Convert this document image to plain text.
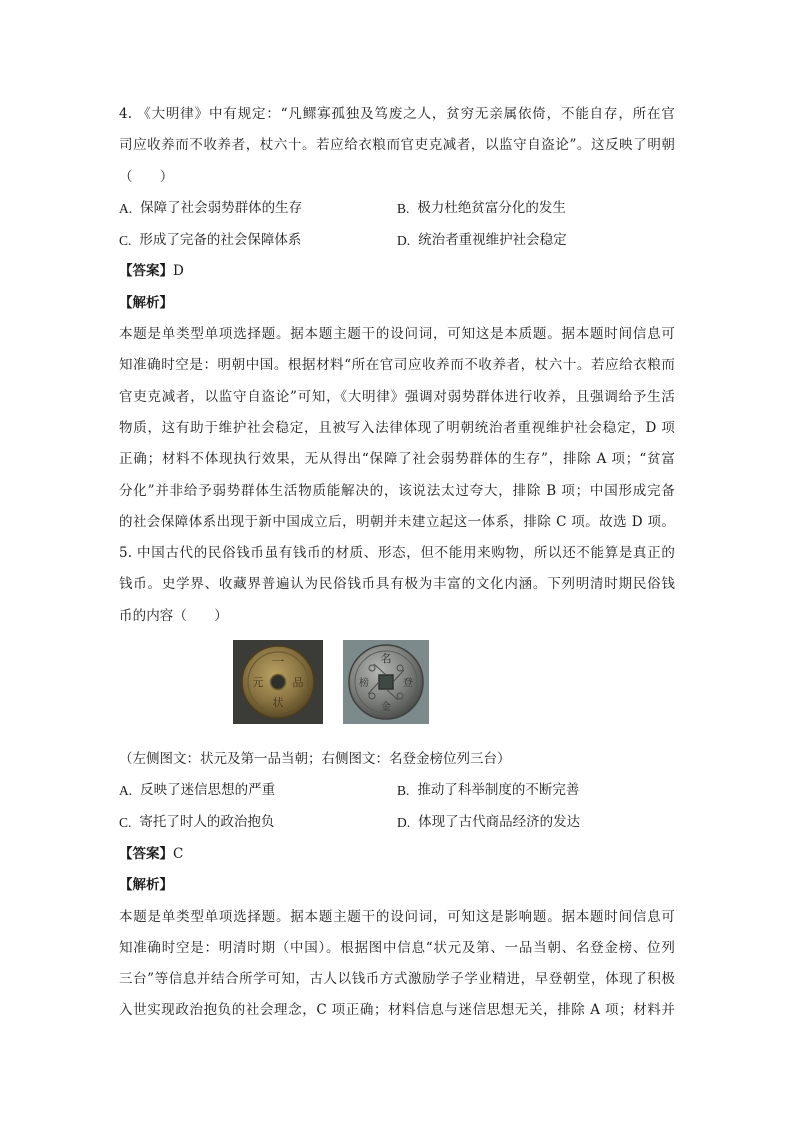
4. 《大明律》中有规定：“凡鳏寡孤独及笃废之人，贫穷无亲属依倚，不能自存，所在官
司应收养而不收养者，杖六十。若应给衣粮而官吏克减者，以监守自盗论”。这反映了明朝
（　　）
A. 保障了社会弱势群体的生存	B. 极力杜绝贫富分化的发生
C. 形成了完备的社会保障体系	D. 统治者重视维护社会稳定
【答案】D
【解析】
本题是单类型单项选择题。据本题主题干的设问词，可知这是本质题。据本题时间信息可
知准确时空是：明朝中国。根据材料“所在官司应收养而不收养者，杖六十。若应给衣粮而
官吏克减者，以监守自盗论”可知，《大明律》强调对弱势群体进行收养，且强调给予生活
物质，这有助于维护社会稳定，且被写入法律体现了明朝统治者重视维护社会稳定，D 项
正确；材料不体现执行效果，无从得出“保障了社会弱势群体的生存”，排除 A 项；“贫富
分化”并非给予弱势群体生活物质能解决的，该说法太过夸大，排除 B 项；中国形成完备
的社会保障体系出现于新中国成立后，明朝并未建立起这一体系，排除 C 项。故选 D 项。
5. 中国古代的民俗钱币虽有钱币的材质、形态，但不能用来购物，所以还不能算是真正的
钱币。史学界、收藏界普遍认为民俗钱币具有极为丰富的文化内涵。下列明清时期民俗钱
币的内容（　　）
一
品
状
元
名
登
金
榜
（左侧图文：状元及第一品当朝；右侧图文：名登金榜位列三台）
A. 反映了迷信思想的严重	B. 推动了科举制度的不断完善
C. 寄托了时人的政治抱负	D. 体现了古代商品经济的发达
【答案】C
【解析】
本题是单类型单项选择题。据本题主题干的设问词，可知这是影响题。据本题时间信息可
知准确时空是：明清时期（中国）。根据图中信息“状元及第、一品当朝、名登金榜、位列
三台”等信息并结合所学可知，古人以钱币方式激励学子学业精进，早登朝堂，体现了积极
入世实现政治抱负的社会理念，C 项正确；材料信息与迷信思想无关，排除 A 项；材料并
